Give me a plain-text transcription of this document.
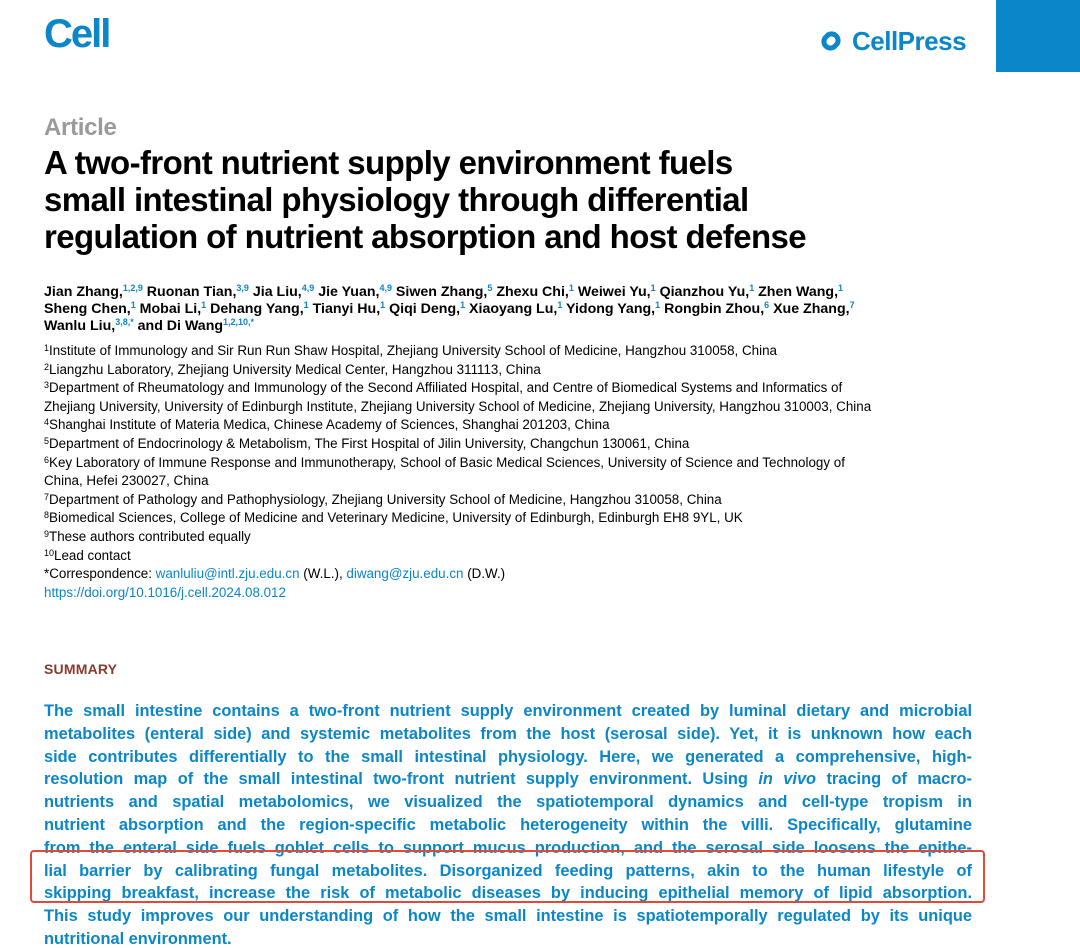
Cell	CellPress
Article
A two-front nutrient supply environment fuels
small intestinal physiology through differential
regulation of nutrient absorption and host defense
Jian Zhang,$^{1,2,9}$ Ruonan Tian,$^{3,9}$ Jia Liu,$^{4,9}$ Jie Yuan,$^{4,9}$ Siwen Zhang,$^5$ Zhexu Chi,$^1$ Weiwei Yu,$^1$ Qianzhou Yu,$^1$ Zhen Wang,$^1$
Sheng Chen,$^1$ Mobai Li,$^1$ Dehang Yang,$^1$ Tianyi Hu,$^1$ Qiqi Deng,$^1$ Xiaoyang Lu,$^1$ Yidong Yang,$^1$ Rongbin Zhou,$^6$ Xue Zhang,$^7$
Wanlu Liu,$^{3,8,*}$ and Di Wang$^{1,2,10,*}$
$^1$Institute of Immunology and Sir Run Run Shaw Hospital, Zhejiang University School of Medicine, Hangzhou 310058, China
$^2$Liangzhu Laboratory, Zhejiang University Medical Center, Hangzhou 311113, China
$^3$Department of Rheumatology and Immunology of the Second Affiliated Hospital, and Centre of Biomedical Systems and Informatics of
Zhejiang University, University of Edinburgh Institute, Zhejiang University School of Medicine, Zhejiang University, Hangzhou 310003, China
$^4$Shanghai Institute of Materia Medica, Chinese Academy of Sciences, Shanghai 201203, China
$^5$Department of Endocrinology & Metabolism, The First Hospital of Jilin University, Changchun 130061, China
$^6$Key Laboratory of Immune Response and Immunotherapy, School of Basic Medical Sciences, University of Science and Technology of
China, Hefei 230027, China
$^7$Department of Pathology and Pathophysiology, Zhejiang University School of Medicine, Hangzhou 310058, China
$^8$Biomedical Sciences, College of Medicine and Veterinary Medicine, University of Edinburgh, Edinburgh EH8 9YL, UK
$^9$These authors contributed equally
$^{10}$Lead contact
*Correspondence: wanluliu@intl.zju.edu.cn (W.L.), diwang@zju.edu.cn (D.W.)
https://doi.org/10.1016/j.cell.2024.08.012
SUMMARY
The small intestine contains a two-front nutrient supply environment created by luminal dietary and microbial
metabolites (enteral side) and systemic metabolites from the host (serosal side). Yet, it is unknown how each
side contributes differentially to the small intestinal physiology. Here, we generated a comprehensive, high-
resolution map of the small intestinal two-front nutrient supply environment. Using in vivo tracing of macro-
nutrients and spatial metabolomics, we visualized the spatiotemporal dynamics and cell-type tropism in
nutrient absorption and the region-specific metabolic heterogeneity within the villi. Specifically, glutamine
from the enteral side fuels goblet cells to support mucus production, and the serosal side loosens the epithe-
lial barrier by calibrating fungal metabolites. Disorganized feeding patterns, akin to the human lifestyle of
skipping breakfast, increase the risk of metabolic diseases by inducing epithelial memory of lipid absorption.
This study improves our understanding of how the small intestine is spatiotemporally regulated by its unique
nutritional environment.
